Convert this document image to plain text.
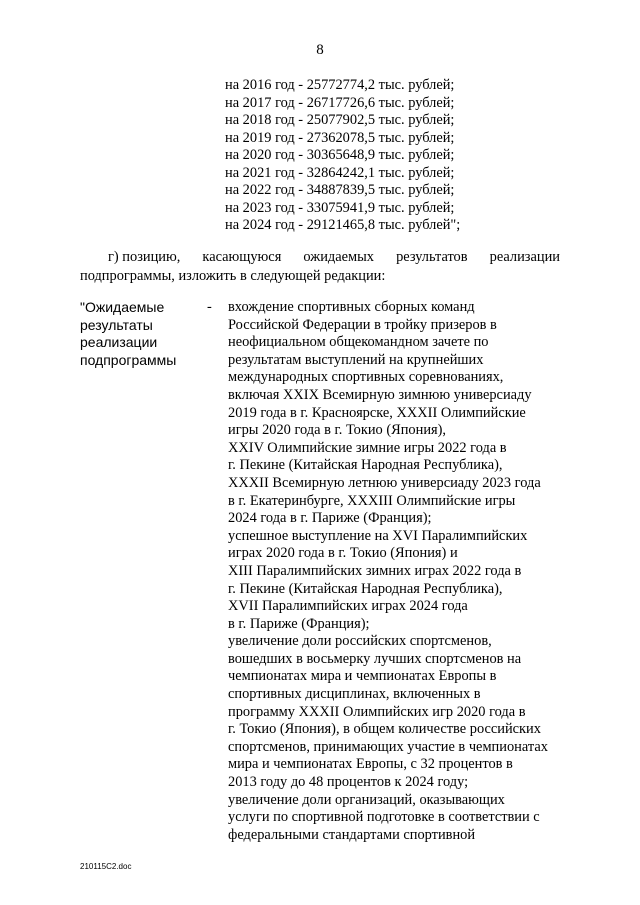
8
на 2016 год - 25772774,2 тыс. рублей;
на 2017 год - 26717726,6 тыс. рублей;
на 2018 год - 25077902,5 тыс. рублей;
на 2019 год - 27362078,5 тыс. рублей;
на 2020 год - 30365648,9 тыс. рублей;
на 2021 год - 32864242,1 тыс. рублей;
на 2022 год - 34887839,5 тыс. рублей;
на 2023 год - 33075941,9 тыс. рублей;
на 2024 год - 29121465,8 тыс. рублей";
г) позицию, касающуюся ожидаемых результатов реализации
подпрограммы, изложить в следующей редакции:
"Ожидаемые
результаты
реализации
подпрограммы
-	вхождение спортивных сборных команд
Российской Федерации в тройку призеров в
неофициальном общекомандном зачете по
результатам выступлений на крупнейших
международных спортивных соревнованиях,
включая XXIX Всемирную зимнюю универсиаду
2019 года в г. Красноярске, XXXII Олимпийские
игры 2020 года в г. Токио (Япония),
XXIV Олимпийские зимние игры 2022 года в
г. Пекине (Китайская Народная Республика),
XXXII Всемирную летнюю универсиаду 2023 года
в г. Екатеринбурге, XXXIII Олимпийские игры
2024 года в г. Париже (Франция);
успешное выступление на XVI Паралимпийских
играх 2020 года в г. Токио (Япония) и
XIII Паралимпийских зимних играх 2022 года в
г. Пекине (Китайская Народная Республика),
XVII Паралимпийских играх 2024 года
в г. Париже (Франция);
увеличение доли российских спортсменов,
вошедших в восьмерку лучших спортсменов на
чемпионатах мира и чемпионатах Европы в
спортивных дисциплинах, включенных в
программу XXXII Олимпийских игр 2020 года в
г. Токио (Япония), в общем количестве российских
спортсменов, принимающих участие в чемпионатах
мира и чемпионатах Европы, с 32 процентов в
2013 году до 48 процентов к 2024 году;
увеличение доли организаций, оказывающих
услуги по спортивной подготовке в соответствии с
федеральными стандартами спортивной
210115C2.doc
